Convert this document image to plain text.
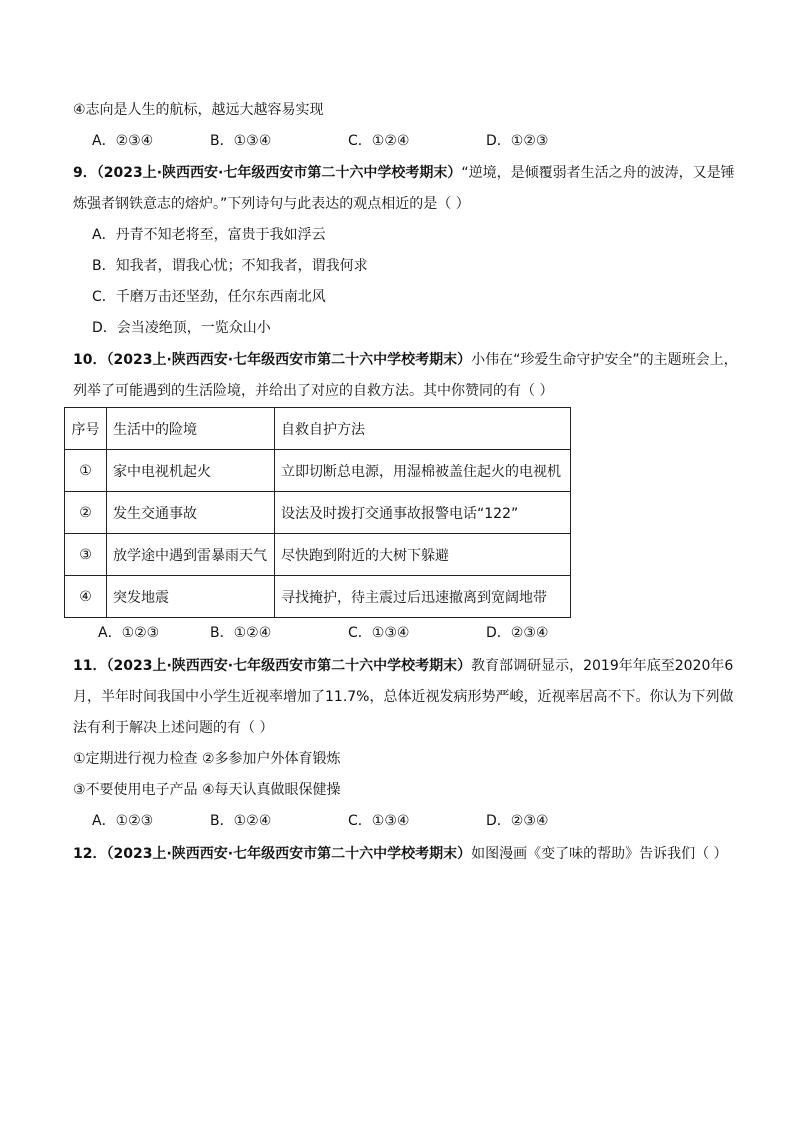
④志向是人生的航标，越远大越容易实现
A．②③④	B．①③④	C．①②④	D．①②③
9．（2023上·陕西西安·七年级西安市第二十六中学校考期末）“逆境，是倾覆弱者生活之舟的波涛，又是锤
炼强者钢铁意志的熔炉。”下列诗句与此表达的观点相近的是（ ）
A．丹青不知老将至，富贵于我如浮云
B．知我者，谓我心忧；不知我者，谓我何求
C．千磨万击还坚劲，任尔东西南北风
D．会当凌绝顶，一览众山小
10．（2023上·陕西西安·七年级西安市第二十六中学校考期末）小伟在“珍爱生命守护安全”的主题班会上，
列举了可能遇到的生活险境，并给出了对应的自救方法。其中你赞同的有（ ）
序号	生活中的险境	自救自护方法
①	家中电视机起火	立即切断总电源，用湿棉被盖住起火的电视机
②	发生交通事故	设法及时拨打交通事故报警电话“122”
③	放学途中遇到雷暴雨天气	尽快跑到附近的大树下躲避
④	突发地震	寻找掩护，待主震过后迅速撤离到宽阔地带
A．①②③	B．①②④	C．①③④	D．②③④
11．（2023上·陕西西安·七年级西安市第二十六中学校考期末）教育部调研显示，2019年年底至2020年6
月，半年时间我国中小学生近视率增加了11.7%，总体近视发病形势严峻，近视率居高不下。你认为下列做
法有利于解决上述问题的有（ ）
①定期进行视力检查 ②多参加户外体育锻炼
③不要使用电子产品 ④每天认真做眼保健操
A．①②③	B．①②④	C．①③④	D．②③④
12．（2023上·陕西西安·七年级西安市第二十六中学校考期末）如图漫画《变了味的帮助》告诉我们（ ）
